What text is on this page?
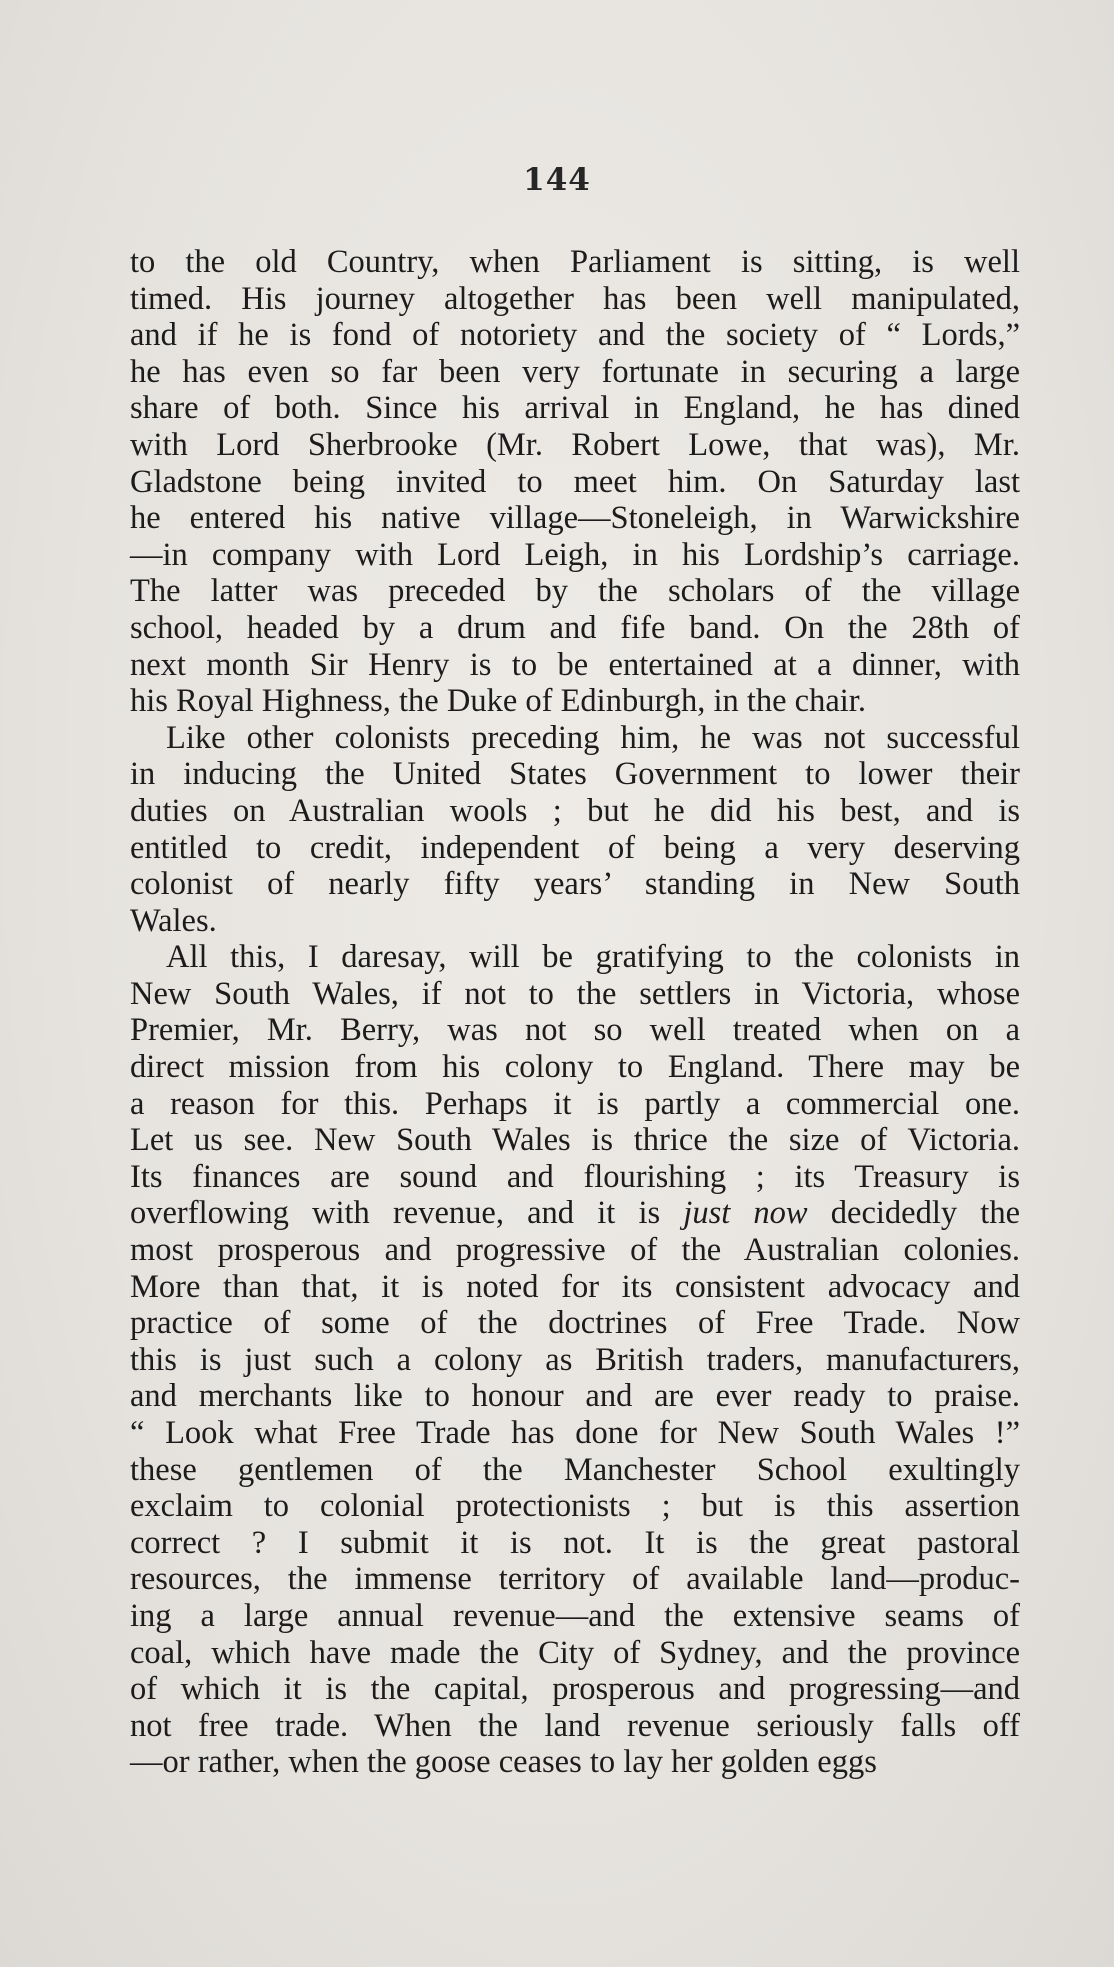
144
to the old Country, when Parliament is sitting, is well
timed. His journey altogether has been well manipulated,
and if he is fond of notoriety and the society of “ Lords,”
he has even so far been very fortunate in securing a large
share of both. Since his arrival in England, he has dined
with Lord Sherbrooke (Mr. Robert Lowe, that was), Mr.
Gladstone being invited to meet him. On Saturday last
he entered his native village—Stoneleigh, in Warwickshire
—in company with Lord Leigh, in his Lordship’s carriage.
The latter was preceded by the scholars of the village
school, headed by a drum and fife band. On the 28th of
next month Sir Henry is to be entertained at a dinner, with
his Royal Highness, the Duke of Edinburgh, in the chair.
Like other colonists preceding him, he was not successful
in inducing the United States Government to lower their
duties on Australian wools ; but he did his best, and is
entitled to credit, independent of being a very deserving
colonist of nearly fifty years’ standing in New South
Wales.
All this, I daresay, will be gratifying to the colonists in
New South Wales, if not to the settlers in Victoria, whose
Premier, Mr. Berry, was not so well treated when on a
direct mission from his colony to England. There may be
a reason for this. Perhaps it is partly a commercial one.
Let us see. New South Wales is thrice the size of Victoria.
Its finances are sound and flourishing ; its Treasury is
overflowing with revenue, and it is just now decidedly the
most prosperous and progressive of the Australian colonies.
More than that, it is noted for its consistent advocacy and
practice of some of the doctrines of Free Trade. Now
this is just such a colony as British traders, manufacturers,
and merchants like to honour and are ever ready to praise.
“ Look what Free Trade has done for New South Wales !”
these gentlemen of the Manchester School exultingly
exclaim to colonial protectionists ; but is this assertion
correct ? I submit it is not. It is the great pastoral
resources, the immense territory of available land—produc-
ing a large annual revenue—and the extensive seams of
coal, which have made the City of Sydney, and the province
of which it is the capital, prosperous and progressing—and
not free trade. When the land revenue seriously falls off
—or rather, when the goose ceases to lay her golden eggs
